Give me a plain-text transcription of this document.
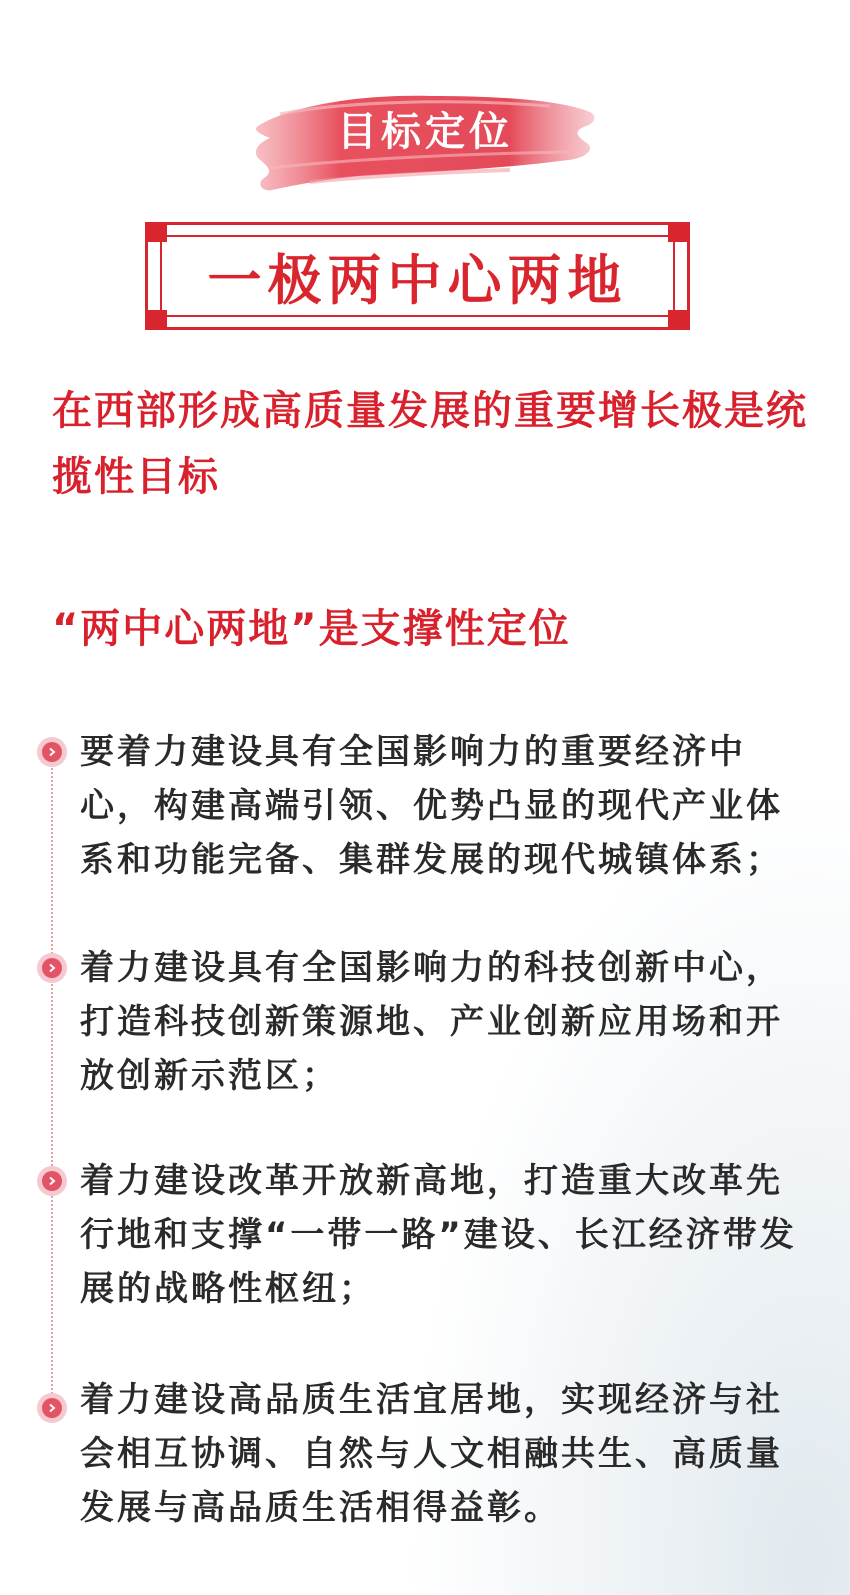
目标定位
一极两中心两地

在西部形成高质量发展的重要增长极是统揽性目标

“两中心两地”是支撑性定位

要着力建设具有全国影响力的重要经济中心，构建高端引领、优势凸显的现代产业体系和功能完备、集群发展的现代城镇体系；

着力建设具有全国影响力的科技创新中心，打造科技创新策源地、产业创新应用场和开放创新示范区；

着力建设改革开放新高地，打造重大改革先行地和支撑“一带一路”建设、长江经济带发展的战略性枢纽；

着力建设高品质生活宜居地，实现经济与社会相互协调、自然与人文相融共生、高质量发展与高品质生活相得益彰。
